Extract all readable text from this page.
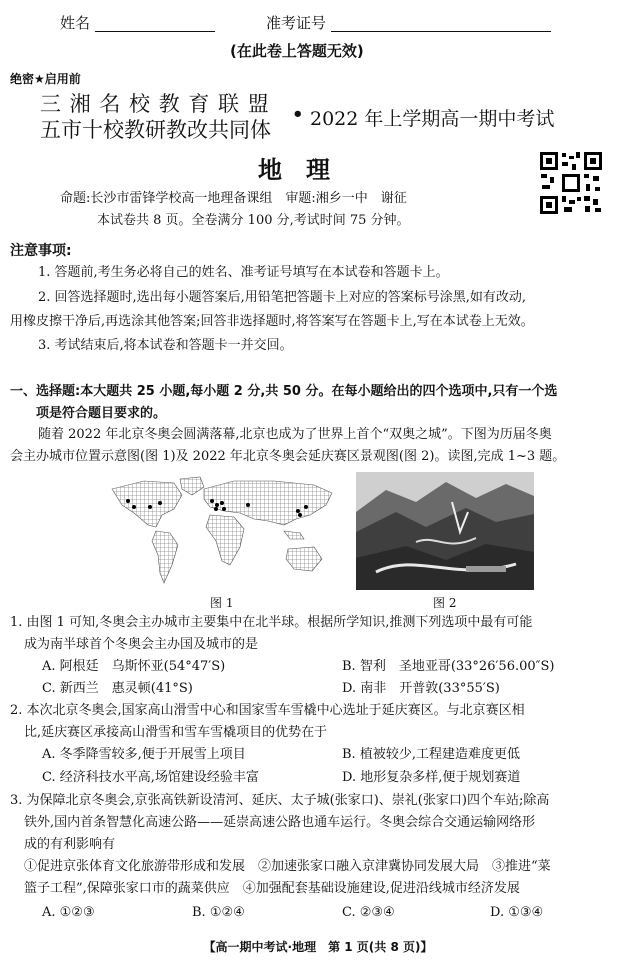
姓名	准考证号
(在此卷上答题无效)
绝密★启用前
三 湘 名 校 教 育 联 盟
五市十校教研教改共同体
• 2022 年上学期高一期中考试
地　理
命题:长沙市雷锋学校高一地理备课组　审题:湘乡一中　谢征
本试卷共 8 页。全卷满分 100 分,考试时间 75 分钟。
注意事项:
1. 答题前,考生务必将自己的姓名、准考证号填写在本试卷和答题卡上。
2. 回答选择题时,选出每小题答案后,用铅笔把答题卡上对应的答案标号涂黑,如有改动,
用橡皮擦干净后,再选涂其他答案;回答非选择题时,将答案写在答题卡上,写在本试卷上无效。
3. 考试结束后,将本试卷和答题卡一并交回。
一、选择题:本大题共 25 小题,每小题 2 分,共 50 分。在每小题给出的四个选项中,只有一个选
项是符合题目要求的。
随着 2022 年北京冬奥会圆满落幕,北京也成为了世界上首个“双奥之城”。下图为历届冬奥
会主办城市位置示意图(图 1)及 2022 年北京冬奥会延庆赛区景观图(图 2)。读图,完成 1~3 题。
图 1	图 2
1. 由图 1 可知,冬奥会主办城市主要集中在北半球。根据所学知识,推测下列选项中最有可能
成为南半球首个冬奥会主办国及城市的是
A. 阿根廷　乌斯怀亚(54°47′S)	B. 智利　圣地亚哥(33°26′56.00″S)
C. 新西兰　惠灵顿(41°S)	D. 南非　开普敦(33°55′S)
2. 本次北京冬奥会,国家高山滑雪中心和国家雪车雪橇中心选址于延庆赛区。与北京赛区相
比,延庆赛区承接高山滑雪和雪车雪橇项目的优势在于
A. 冬季降雪较多,便于开展雪上项目	B. 植被较少,工程建造难度更低
C. 经济科技水平高,场馆建设经验丰富	D. 地形复杂多样,便于规划赛道
3. 为保障北京冬奥会,京张高铁新设清河、延庆、太子城(张家口)、崇礼(张家口)四个车站;除高
铁外,国内首条智慧化高速公路——延崇高速公路也通车运行。冬奥会综合交通运输网络形
成的有利影响有
①促进京张体育文化旅游带形成和发展　②加速张家口融入京津冀协同发展大局　③推进“菜
篮子工程”,保障张家口市的蔬菜供应　④加强配套基础设施建设,促进沿线城市经济发展
A. ①②③	B. ①②④	C. ②③④	D. ①③④
【高一期中考试·地理　第 1 页(共 8 页)】
